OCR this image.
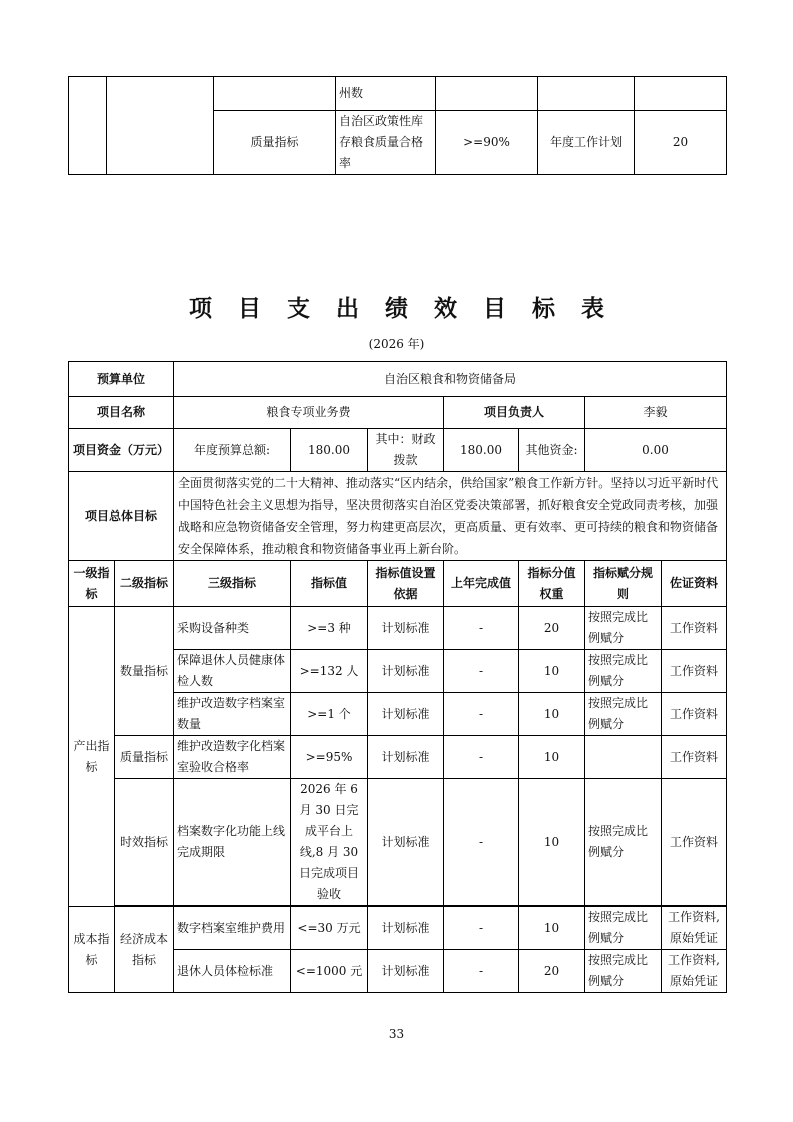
			州数			
		质量指标	自治区政策性库存粮食质量合格率	>=90%	年度工作计划	20
项目支出绩效目标表
(2026 年)
预算单位		自治区粮食和物资储备局						
项目名称		粮食专项业务费			项目负责人		李毅	
项目资金（万元）		年度预算总额:	180.00	其中：财政拨款	180.00	其他资金:	0.00	
项目总体目标		全面贯彻落实党的二十大精神、推动落实“区内结余，供给国家”粮食工作新方针。坚持以习近平新时代中国特色社会主义思想为指导，坚决贯彻落实自治区党委决策部署，抓好粮食安全党政同责考核，加强战略和应急物资储备安全管理，努力构建更高层次，更高质量、更有效率、更可持续的粮食和物资储备安全保障体系，推动粮食和物资储备事业再上新台阶。						
一级指标	二级指标	三级指标	指标值	指标值设置依据	上年完成值	指标分值权重	指标赋分规则	佐证资料
产出指标	数量指标	采购设备种类	>=3 种	计划标准	-	20	按照完成比例赋分	工作资料
		保障退休人员健康体检人数	>=132 人	计划标准	-	10	按照完成比例赋分	工作资料
		维护改造数字档案室数量	>=1 个	计划标准	-	10	按照完成比例赋分	工作资料
	质量指标	维护改造数字化档案室验收合格率	>=95%	计划标准	-	10		工作资料
	时效指标	档案数字化功能上线完成期限	2026 年 6 月 30 日完成平台上线,8 月 30 日完成项目验收	计划标准	-	10	按照完成比例赋分	工作资料

成本指标	经济成本指标	数字档案室维护费用	<=30 万元	计划标准	-	10	按照完成比例赋分	工作资料,原始凭证
		退休人员体检标准	<=1000 元	计划标准	-	20	按照完成比例赋分	工作资料,原始凭证
33
